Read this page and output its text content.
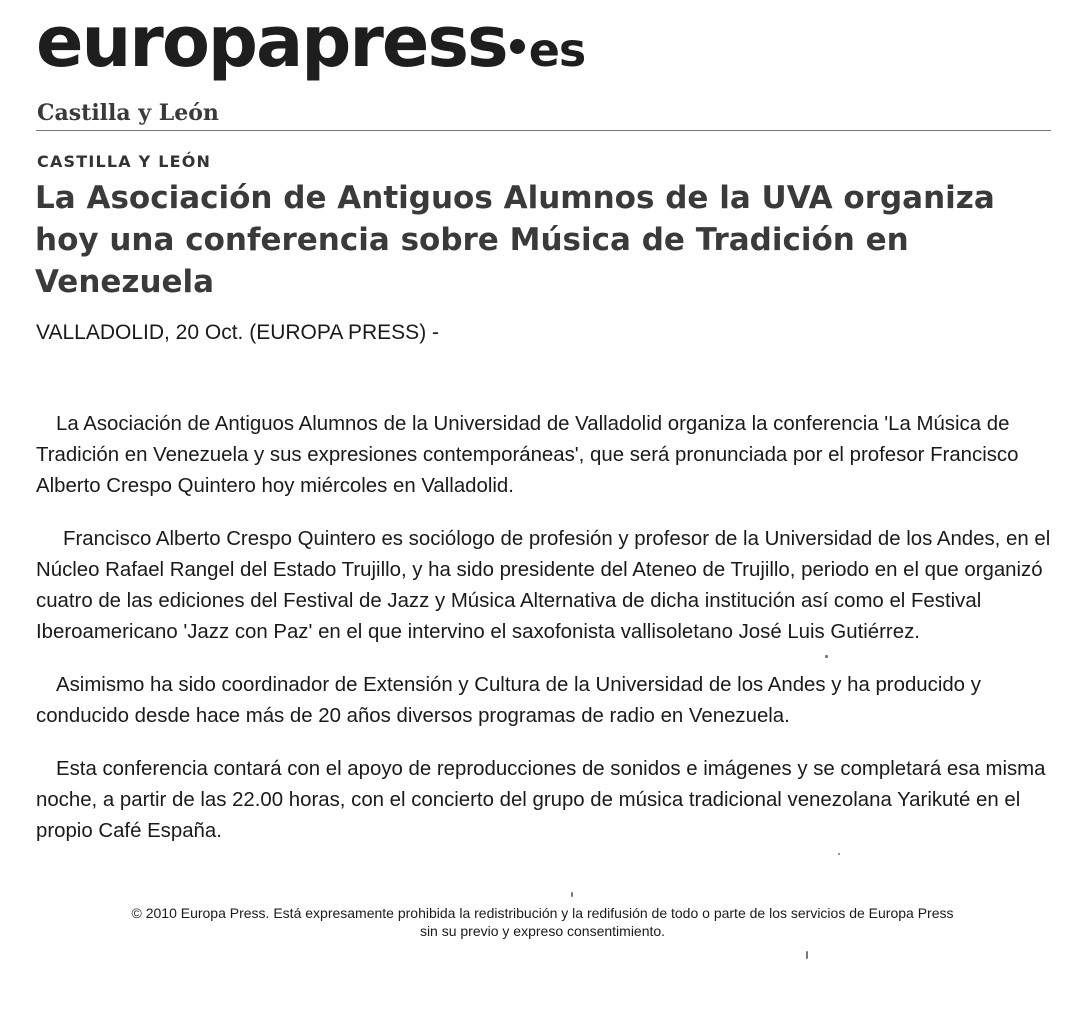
europapress es
Castilla y León
CASTILLA Y LEÓN
La Asociación de Antiguos Alumnos de la UVA organiza hoy una conferencia sobre Música de Tradición en Venezuela
VALLADOLID, 20 Oct. (EUROPA PRESS) -

La Asociación de Antiguos Alumnos de la Universidad de Valladolid organiza la conferencia 'La Música de Tradición en Venezuela y sus expresiones contemporáneas', que será pronunciada por el profesor Francisco Alberto Crespo Quintero hoy miércoles en Valladolid.

Francisco Alberto Crespo Quintero es sociólogo de profesión y profesor de la Universidad de los Andes, en el Núcleo Rafael Rangel del Estado Trujillo, y ha sido presidente del Ateneo de Trujillo, periodo en el que organizó cuatro de las ediciones del Festival de Jazz y Música Alternativa de dicha institución así como el Festival Iberoamericano 'Jazz con Paz' en el que intervino el saxofonista vallisoletano José Luis Gutiérrez.

Asimismo ha sido coordinador de Extensión y Cultura de la Universidad de los Andes y ha producido y conducido desde hace más de 20 años diversos programas de radio en Venezuela.

Esta conferencia contará con el apoyo de reproducciones de sonidos e imágenes y se completará esa misma noche, a partir de las 22.00 horas, con el concierto del grupo de música tradicional venezolana Yarikuté en el propio Café España.

© 2010 Europa Press. Está expresamente prohibida la redistribución y la redifusión de todo o parte de los servicios de Europa Press
sin su previo y expreso consentimiento.
